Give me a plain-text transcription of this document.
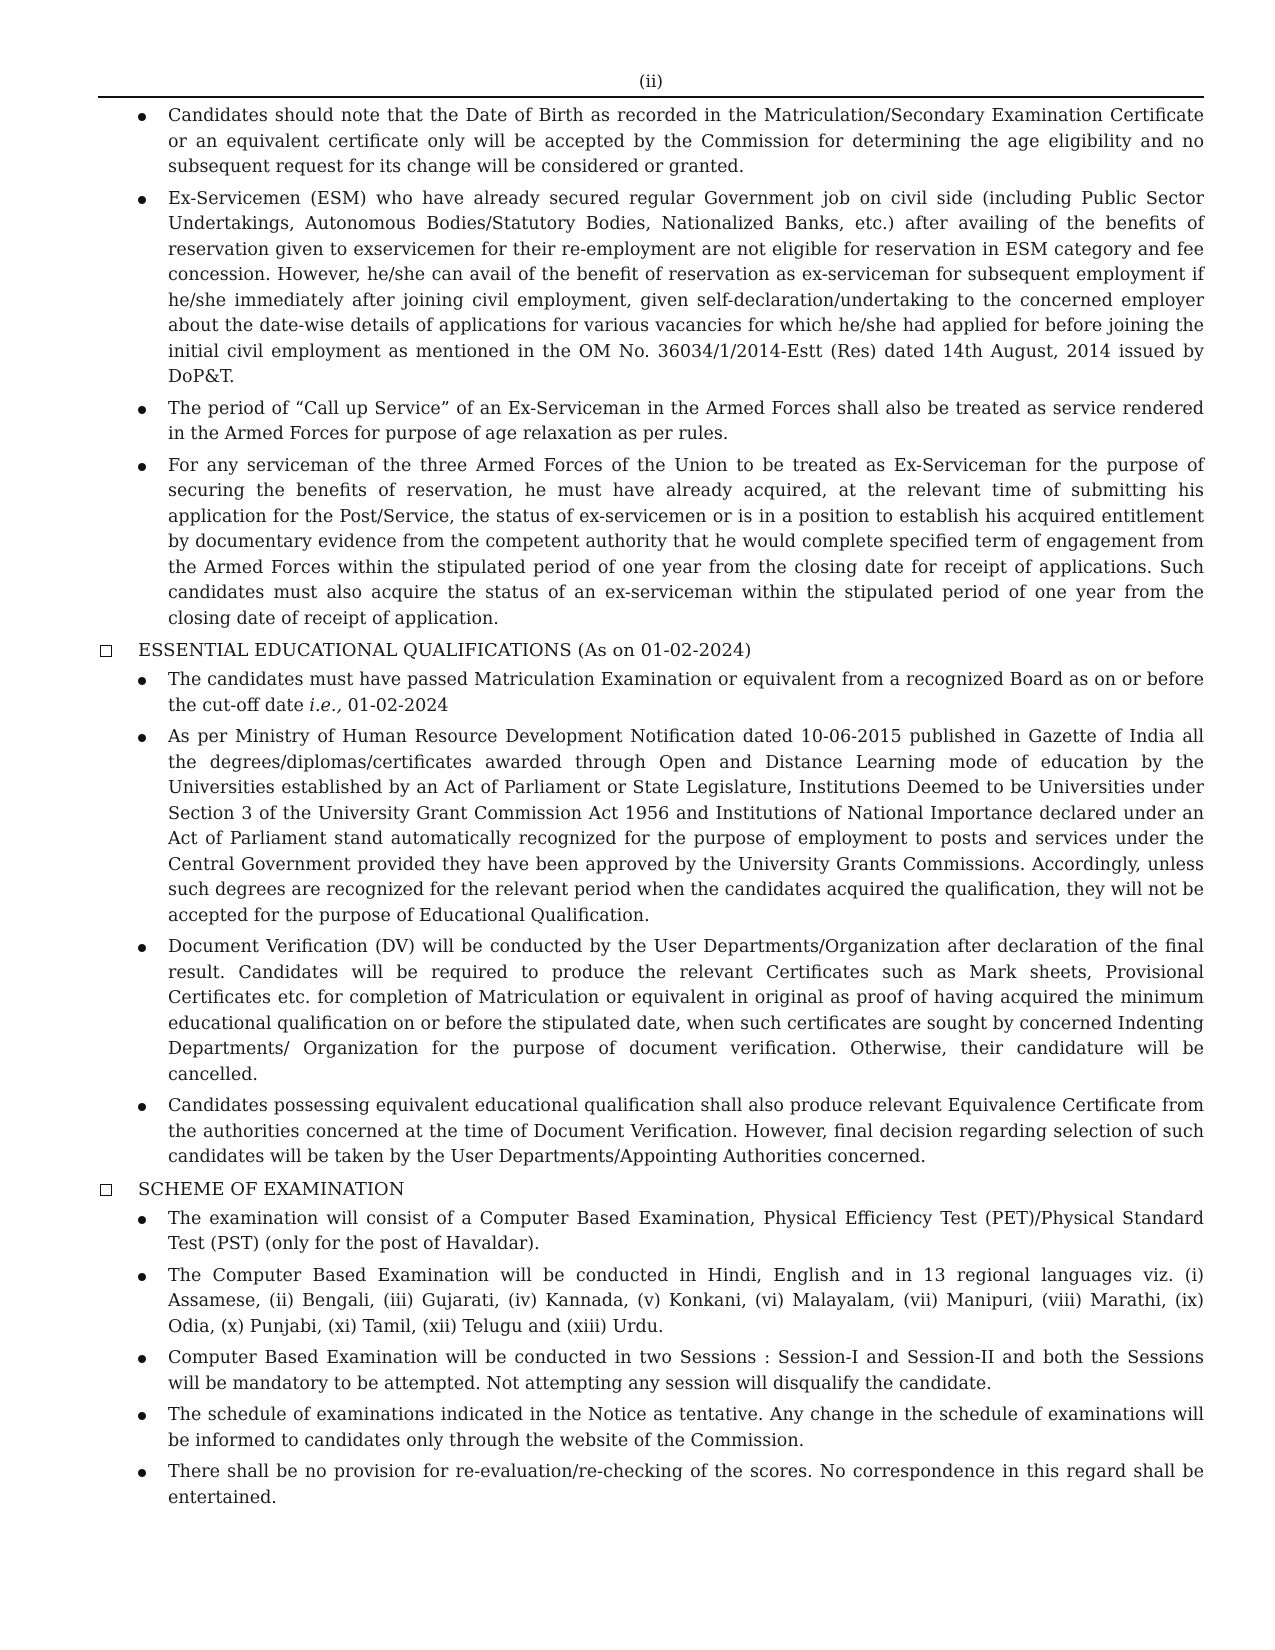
(ii)
Candidates should note that the Date of Birth as recorded in the Matriculation/Secondary Examination Certificate or an equivalent certificate only will be accepted by the Commission for determining the age eligibility and no subsequent request for its change will be considered or granted.
Ex-Servicemen (ESM) who have already secured regular Government job on civil side (including Public Sector Undertakings, Autonomous Bodies/Statutory Bodies, Nationalized Banks, etc.) after availing of the benefits of reservation given to exservicemen for their re-employment are not eligible for reservation in ESM category and fee concession. However, he/she can avail of the benefit of reservation as ex-serviceman for subsequent employment if he/she immediately after joining civil employment, given self-declaration/undertaking to the concerned employer about the date-wise details of applications for various vacancies for which he/she had applied for before joining the initial civil employment as mentioned in the OM No. 36034/1/2014-Estt (Res) dated 14th August, 2014 issued by DoP&T.
The period of “Call up Service” of an Ex-Serviceman in the Armed Forces shall also be treated as service rendered in the Armed Forces for purpose of age relaxation as per rules.
For any serviceman of the three Armed Forces of the Union to be treated as Ex-Serviceman for the purpose of securing the benefits of reservation, he must have already acquired, at the relevant time of submitting his application for the Post/Service, the status of ex-servicemen or is in a position to establish his acquired entitlement by documentary evidence from the competent authority that he would complete specified term of engagement from the Armed Forces within the stipulated period of one year from the closing date for receipt of applications. Such candidates must also acquire the status of an ex-serviceman within the stipulated period of one year from the closing date of receipt of application.
ESSENTIAL EDUCATIONAL QUALIFICATIONS (As on 01-02-2024)
The candidates must have passed Matriculation Examination or equivalent from a recognized Board as on or before the cut-off date i.e., 01-02-2024
As per Ministry of Human Resource Development Notification dated 10-06-2015 published in Gazette of India all the degrees/diplomas/certificates awarded through Open and Distance Learning mode of education by the Universities established by an Act of Parliament or State Legislature, Institutions Deemed to be Universities under Section 3 of the University Grant Commission Act 1956 and Institutions of National Importance declared under an Act of Parliament stand automatically recognized for the purpose of employment to posts and services under the Central Government provided they have been approved by the University Grants Commissions. Accordingly, unless such degrees are recognized for the relevant period when the candidates acquired the qualification, they will not be accepted for the purpose of Educational Qualification.
Document Verification (DV) will be conducted by the User Departments/Organization after declaration of the final result. Candidates will be required to produce the relevant Certificates such as Mark sheets, Provisional Certificates etc. for completion of Matriculation or equivalent in original as proof of having acquired the minimum educational qualification on or before the stipulated date, when such certificates are sought by concerned Indenting Departments/ Organization for the purpose of document verification. Otherwise, their candidature will be cancelled.
Candidates possessing equivalent educational qualification shall also produce relevant Equivalence Certificate from the authorities concerned at the time of Document Verification. However, final decision regarding selection of such candidates will be taken by the User Departments/Appointing Authorities concerned.
SCHEME OF EXAMINATION
The examination will consist of a Computer Based Examination, Physical Efficiency Test (PET)/Physical Standard Test (PST) (only for the post of Havaldar).
The Computer Based Examination will be conducted in Hindi, English and in 13 regional languages viz. (i) Assamese, (ii) Bengali, (iii) Gujarati, (iv) Kannada, (v) Konkani, (vi) Malayalam, (vii) Manipuri, (viii) Marathi, (ix) Odia, (x) Punjabi, (xi) Tamil, (xii) Telugu and (xiii) Urdu.
Computer Based Examination will be conducted in two Sessions : Session-I and Session-II and both the Sessions will be mandatory to be attempted. Not attempting any session will disqualify the candidate.
The schedule of examinations indicated in the Notice as tentative. Any change in the schedule of examinations will be informed to candidates only through the website of the Commission.
There shall be no provision for re-evaluation/re-checking of the scores. No correspondence in this regard shall be entertained.
